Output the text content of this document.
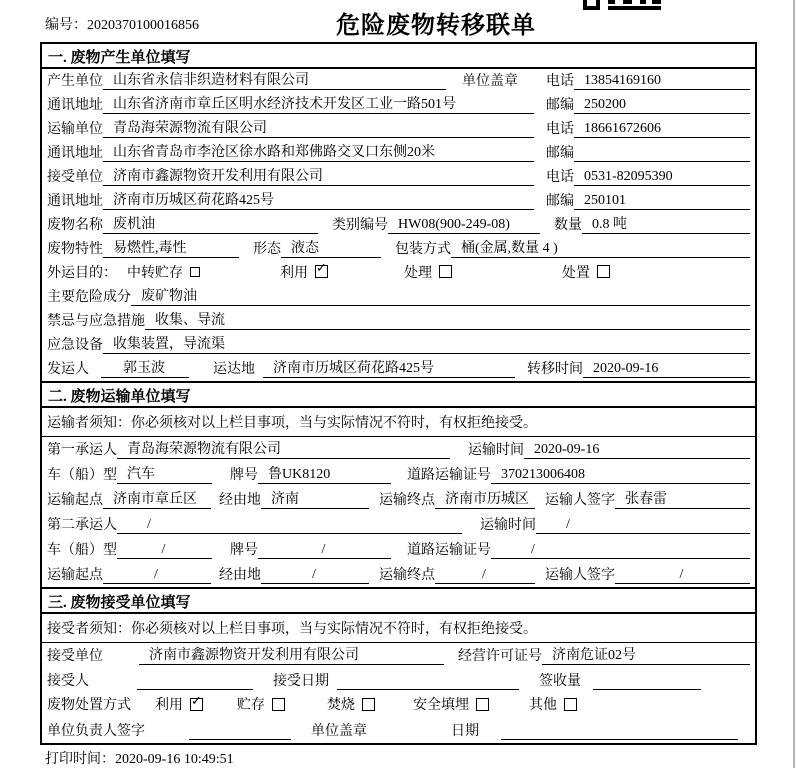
编号：2020370100016856	危险废物转移联单
一. 废物产生单位填写
产生单位 山东省永信非织造材料有限公司	单位盖章	电话 13854169160
通讯地址 山东省济南市章丘区明水经济技术开发区工业一路501号	邮编 250200
运输单位 青岛海荣源物流有限公司	电话 18661672606
通讯地址 山东省青岛市李沧区徐水路和郑佛路交叉口东侧20米	邮编
接受单位 济南市鑫源物资开发利用有限公司	电话 0531-82095390
通讯地址 济南市历城区荷花路425号	邮编 250101
废物名称 废机油	类别编号 HW08(900-249-08)	数量 0.8 吨
废物特性 易燃性,毒性	形态 液态	包装方式 桶(金属,数量 4 )
外运目的： 中转贮存	利用 ✓	处理	处置
主要危险成分 废矿物油
禁忌与应急措施 收集、导流
应急设备 收集装置，导流渠
发运人	郭玉波	运达地	济南市历城区荷花路425号	转移时间 2020-09-16
二. 废物运输单位填写
运输者须知：你必须核对以上栏目事项，当与实际情况不符时，有权拒绝接受。
第一承运人 青岛海荣源物流有限公司	运输时间 2020-09-16
车（船）型 汽车	牌号 鲁UK8120	道路运输证号 370213006408
运输起点 济南市章丘区	经由地 济南	运输终点 济南市历城区	运输人签字 张春雷
第二承运人	/	运输时间	/
车（船）型	/	牌号	/	道路运输证号	/
运输起点	/	经由地	/	运输终点	/	运输人签字	/
三. 废物接受单位填写
接受者须知：你必须核对以上栏目事项，当与实际情况不符时，有权拒绝接受。
接受单位	济南市鑫源物资开发利用有限公司	经营许可证号 济南危证02号
接受人	接受日期	签收量
废物处置方式 利用 ✓	贮存	焚烧	安全填埋	其他
单位负责人签字	单位盖章	日期
打印时间：2020-09-16 10:49:51
